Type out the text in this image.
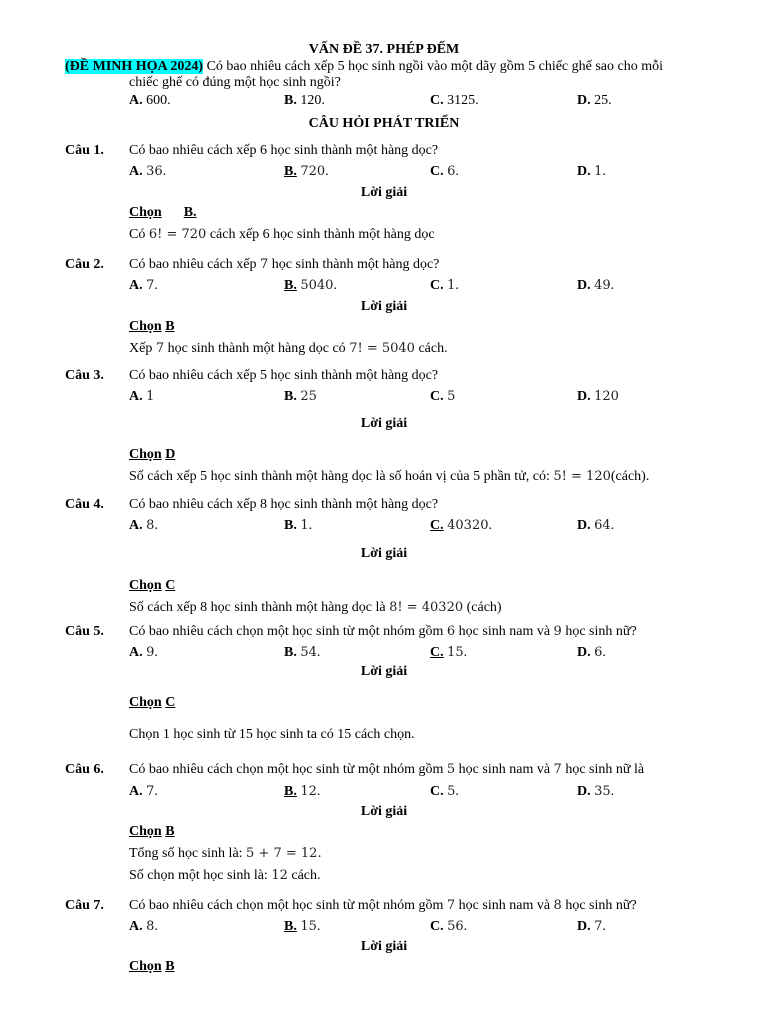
VẤN ĐỀ 37. PHÉP ĐẾM
(ĐỀ MINH HỌA 2024) Có bao nhiêu cách xếp 5 học sinh ngồi vào một dãy gồm 5 chiếc ghế sao cho mỗi
chiếc ghế có đúng một học sinh ngồi?
A. 600.	B. 120.	C. 3125.	D. 25.
CÂU HỎI PHÁT TRIỂN
Câu 1. Có bao nhiêu cách xếp 6 học sinh thành một hàng dọc?
A. 36.	B. 720.	C. 6.	D. 1.
Lời giải
Chọn B.
Có 6! = 720 cách xếp 6 học sinh thành một hàng dọc
Câu 2. Có bao nhiêu cách xếp 7 học sinh thành một hàng dọc?
A. 7.	B. 5040.	C. 1.	D. 49.
Lời giải
Chọn B
Xếp 7 học sinh thành một hàng dọc có 7! = 5040 cách.
Câu 3. Có bao nhiêu cách xếp 5 học sinh thành một hàng dọc?
A. 1	B. 25	C. 5	D. 120
Lời giải
Chọn D
Số cách xếp 5 học sinh thành một hàng dọc là số hoán vị của 5 phần tử, có: 5! = 120(cách).
Câu 4. Có bao nhiêu cách xếp 8 học sinh thành một hàng dọc?
A. 8.	B. 1.	C. 40320.	D. 64.
Lời giải
Chọn C
Số cách xếp 8 học sinh thành một hàng dọc là 8! = 40320 (cách)
Câu 5. Có bao nhiêu cách chọn một học sinh từ một nhóm gồm 6 học sinh nam và 9 học sinh nữ?
A. 9.	B. 54.	C. 15.	D. 6.
Lời giải
Chọn C
Chọn 1 học sinh từ 15 học sinh ta có 15 cách chọn.
Câu 6. Có bao nhiêu cách chọn một học sinh từ một nhóm gồm 5 học sinh nam và 7 học sinh nữ là
A. 7.	B. 12.	C. 5.	D. 35.
Lời giải
Chọn B
Tổng số học sinh là: 5 + 7 = 12.
Số chọn một học sinh là: 12 cách.
Câu 7. Có bao nhiêu cách chọn một học sinh từ một nhóm gồm 7 học sinh nam và 8 học sinh nữ?
A. 8.	B. 15.	C. 56.	D. 7.
Lời giải
Chọn B
